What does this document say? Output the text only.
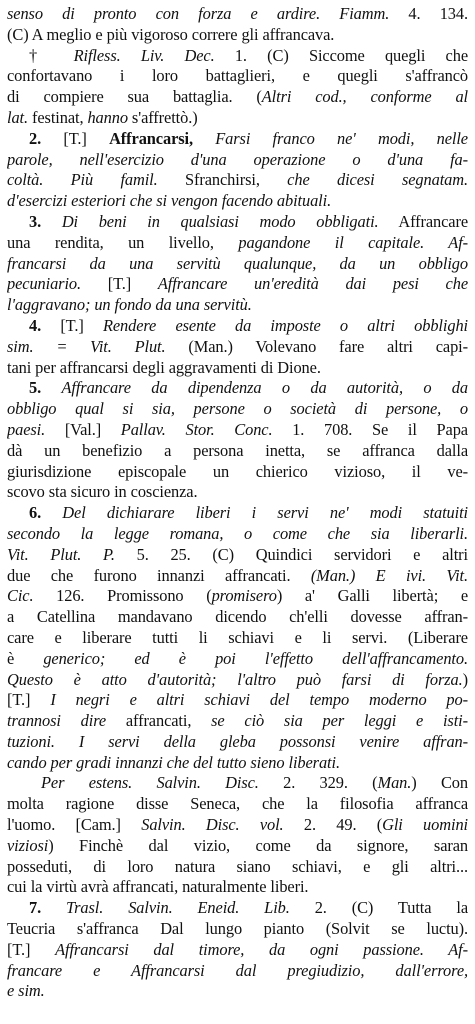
senso di pronto con forza e ardire. Fiamm. 4. 134.
(C) A meglio e più vigoroso correre gli affrancava.
† Rifless. Liv. Dec. 1. (C) Siccome quegli che
confortavano i loro battaglieri, e quegli s'affrancò
di compiere sua battaglia. (Altri cod., conforme al
lat. festinat, hanno s'affrettò.)
2. [T.] Affrancarsi, Farsi franco ne' modi, nelle
parole, nell'esercizio d'una operazione o d'una fa-
coltà. Più famil. Sfranchirsi, che dicesi segnatam.
d'esercizi esteriori che si vengon facendo abituali.
3. Di beni in qualsiasi modo obbligati. Affrancare
una rendita, un livello, pagandone il capitale. Af-
francarsi da una servitù qualunque, da un obbligo
pecuniario. [T.] Affrancare un'eredità dai pesi che
l'aggravano; un fondo da una servitù.
4. [T.] Rendere esente da imposte o altri obblighi
sim. = Vit. Plut. (Man.) Volevano fare altri capi-
tani per affrancarsi degli aggravamenti di Dione.
5. Affrancare da dipendenza o da autorità, o da
obbligo qual si sia, persone o società di persone, o
paesi. [Val.] Pallav. Stor. Conc. 1. 708. Se il Papa
dà un benefizio a persona inetta, se affranca dalla
giurisdizione episcopale un chierico vizioso, il ve-
scovo sta sicuro in coscienza.
6. Del dichiarare liberi i servi ne' modi statuiti
secondo la legge romana, o come che sia liberarli.
Vit. Plut. P. 5. 25. (C) Quindici servidori e altri
due che furono innanzi affrancati. (Man.) E ivi. Vit.
Cic. 126. Promissono (promisero) a' Galli libertà; e
a Catellina mandavano dicendo ch'elli dovesse affran-
care e liberare tutti li schiavi e li servi. (Liberare
è generico; ed è poi l'effetto dell'affrancamento.
Questo è atto d'autorità; l'altro può farsi di forza.)
[T.] I negri e altri schiavi del tempo moderno po-
trannosi dire affrancati, se ciò sia per leggi e isti-
tuzioni. I servi della gleba possonsi venire affran-
cando per gradi innanzi che del tutto sieno liberati.
Per estens. Salvin. Disc. 2. 329. (Man.) Con
molta ragione disse Seneca, che la filosofia affranca
l'uomo. [Cam.] Salvin. Disc. vol. 2. 49. (Gli uomini
viziosi) Finchè dal vizio, come da signore, saran
posseduti, di loro natura siano schiavi, e gli altri...
cui la virtù avrà affrancati, naturalmente liberi.
7. Trasl. Salvin. Eneid. Lib. 2. (C) Tutta la
Teucria s'affranca Dal lungo pianto (Solvit se luctu).
[T.] Affrancarsi dal timore, da ogni passione. Af-
francare e Affrancarsi dal pregiudizio, dall'errore,
e sim.
